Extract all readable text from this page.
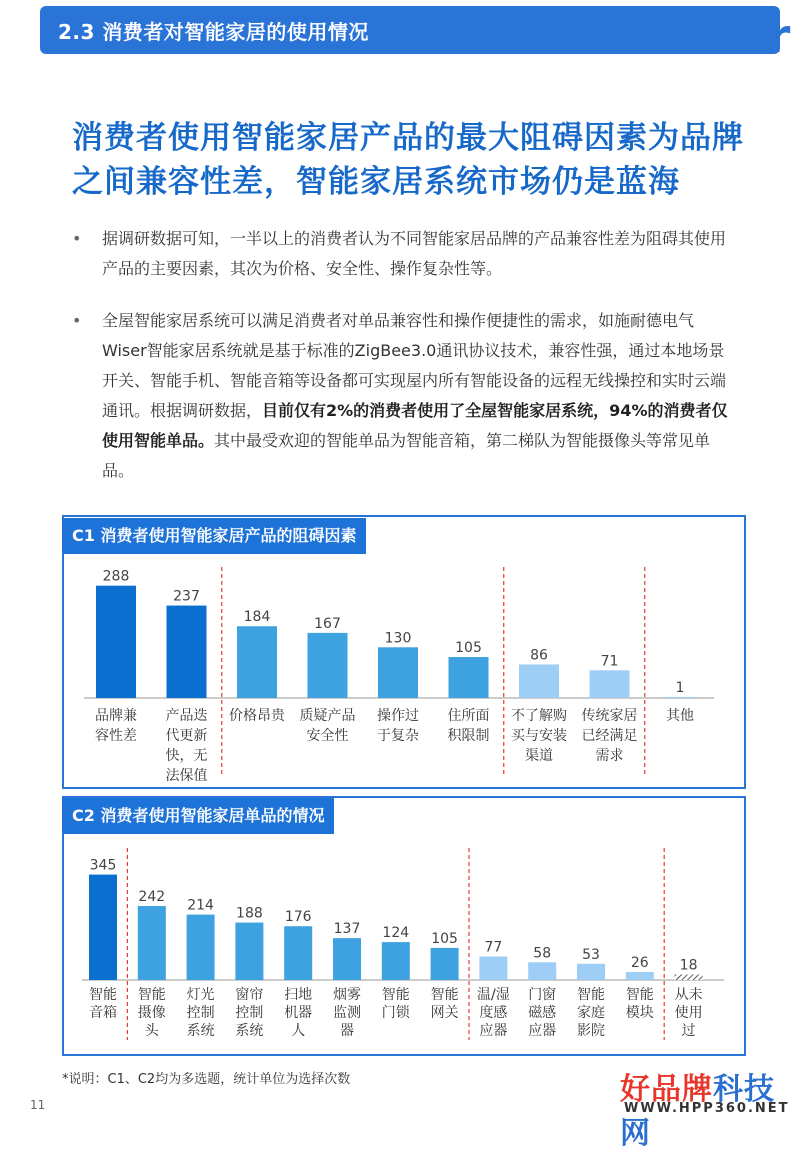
2.3 消费者对智能家居的使用情况	36 Kr
消费者使用智能家居产品的最大阻碍因素为品牌之间兼容性差，智能家居系统市场仍是蓝海
• 据调研数据可知，一半以上的消费者认为不同智能家居品牌的产品兼容性差为阻碍其使用产品的主要因素，其次为价格、安全性、操作复杂性等。
• 全屋智能家居系统可以满足消费者对单品兼容性和操作便捷性的需求，如施耐德电气Wiser智能家居系统就是基于标准的ZigBee3.0通讯协议技术，兼容性强，通过本地场景开关、智能手机、智能音箱等设备都可实现屋内所有智能设备的远程无线操控和实时云端通讯。根据调研数据，目前仅有2%的消费者使用了全屋智能家居系统，94%的消费者仅使用智能单品。其中最受欢迎的智能单品为智能音箱，第二梯队为智能摄像头等常见单品。
C1 消费者使用智能家居产品的阻碍因素
288
品牌兼
容性差
237
产品迭
代更新
快，无
法保值
184
价格昂贵
167
质疑产品
安全性
130
操作过
于复杂
105
住所面
积限制
86
不了解购
买与安装
渠道
71
传统家居
已经满足
需求
1
其他
C2 消费者使用智能家居单品的情况
345
智能
音箱
242
智能
摄像
头
214
灯光
控制
系统
188
窗帘
控制
系统
176
扫地
机器
人
137
烟雾
监测
器
124
智能
门锁
105
智能
网关
77
温/湿
度感
应器
58
门窗
磁感
应器
53
智能
家庭
影院
26
智能
模块
18
从未
使用
过
*说明：C1、C2均为多选题，统计单位为选择次数
11	好品牌科技网
WWW.HPP360.NET
